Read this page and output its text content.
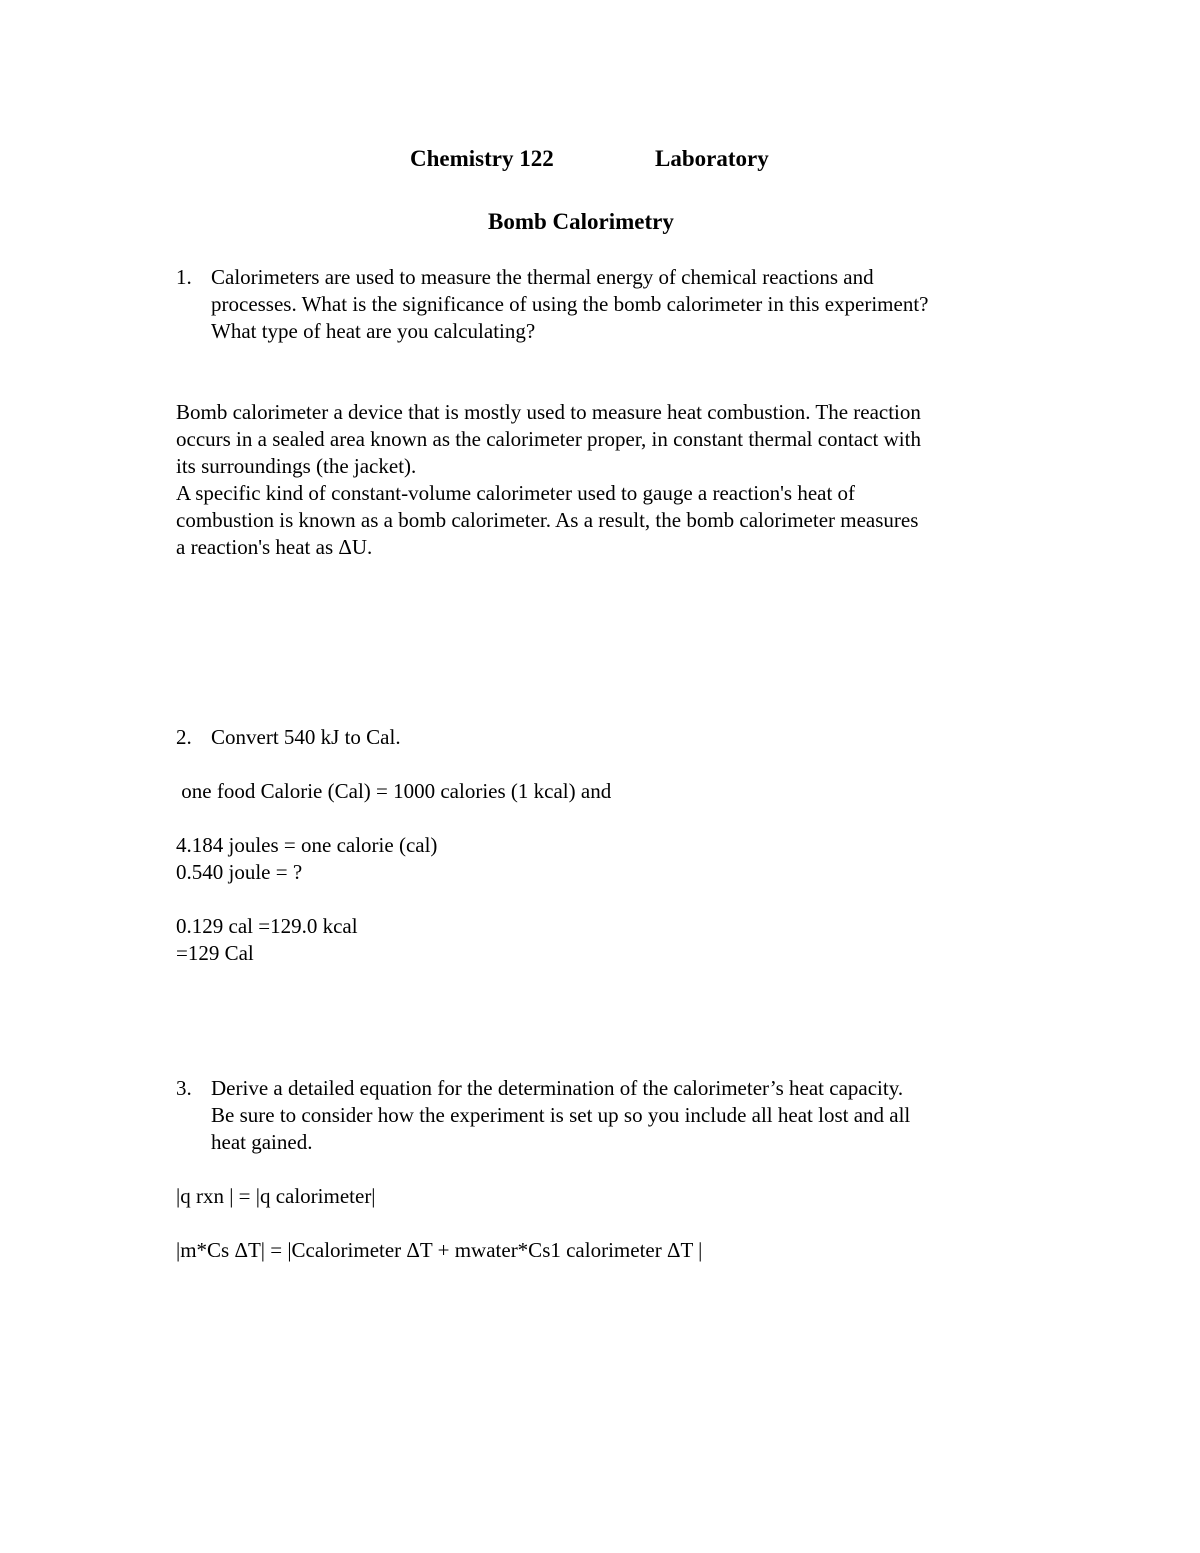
Chemistry 122	Laboratory
Bomb Calorimetry
1. Calorimeters are used to measure the thermal energy of chemical reactions and
processes. What is the significance of using the bomb calorimeter in this experiment?
What type of heat are you calculating?
Bomb calorimeter a device that is mostly used to measure heat combustion. The reaction
occurs in a sealed area known as the calorimeter proper, in constant thermal contact with
its surroundings (the jacket).
A specific kind of constant-volume calorimeter used to gauge a reaction's heat of
combustion is known as a bomb calorimeter. As a result, the bomb calorimeter measures
a reaction's heat as ΔU.
2. Convert 540 kJ to Cal.
one food Calorie (Cal) = 1000 calories (1 kcal) and
4.184 joules = one calorie (cal)
0.540 joule = ?
0.129 cal =129.0 kcal
=129 Cal
3. Derive a detailed equation for the determination of the calorimeter’s heat capacity.
Be sure to consider how the experiment is set up so you include all heat lost and all
heat gained.
|q rxn | = |q calorimeter|
|m*Cs ΔT| = |Ccalorimeter ΔT + mwater*Cs1 calorimeter ΔT |
